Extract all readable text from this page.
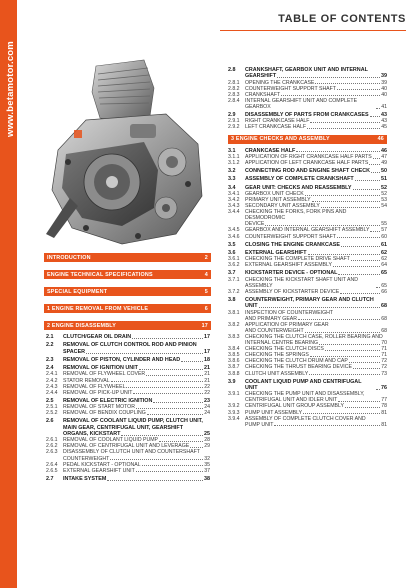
www.betamotor.com
TABLE OF CONTENTS
INTRODUCTION	2
ENGINE TECHNICAL SPECIFICATIONS	4
SPECIAL EQUIPMENT	5
1 ENGINE REMOVAL FROM VEHICLE	6
2 ENGINE DISASSEMBLY	17
2.1	CLUTCH/GEAR OIL DRAIN	17
2.2	REMOVAL OF CLUTCH CONTROL ROD AND PINION
SPACER	17
2.3	REMOVAL OF PISTON, CYLINDER AND HEAD	18
2.4	REMOVAL OF IGNITION UNIT	21
2.4.1	REMOVAL OF FLYWHEEL COVER	21
2.4.2	STATOR REMOVAL	21
2.4.3	REMOVAL OF FLYWHEEL	22
2.4.4	REMOVAL OF PICK-UP UNIT	22
2.5	REMOVAL OF ELECTRIC IGNITION	23
2.5.1	REMOVAL OF START MOTOR	24
2.5.2	REMOVAL OF BENDIX COUPLING	24
2.6	REMOVAL OF COOLANT LIQUID PUMP, CLUTCH UNIT, MAIN GEAR, CENTRIFUGAL UNIT, GEARSHIFT
ORGANS, KICKSTART	25
2.6.1	REMOVAL OF COOLANT LIQUID PUMP	28
2.6.2	REMOVAL OF CENTRIFUGAL UNIT AND LEVERAGE	29
2.6.3	DISASSEMBLY OF CLUTCH UNIT AND COUNTERSHAFT
COUNTERWEIGHT	32
2.6.4	PEDAL KICKSTART - OPTIONAL	35
2.6.5	EXTERNAL GEARSHIFT UNIT	37
2.7	INTAKE SYSTEM	38
2.8	CRANKSHAFT, GEARBOX UNIT AND INTERNAL
GEARSHIFT	39
2.8.1	OPENING THE CRANKCASE	39
2.8.2	COUNTERWEIGHT SUPPORT SHAFT	40
2.8.3	CRANKSHAFT	40
2.8.4	INTERNAL GEARSHIFT UNIT AND COMPLETE GEARBOX	41
2.9	DISASSEMBLY OF PARTS FROM CRANKCASES 43
2.9.1	RIGHT CRANKCASE HALF	43
2.9.2	LEFT CRANKCASE HALF	45
3 ENGINE CHECKS AND ASSEMBLY	46
3.1	CRANKCASE HALF	46
3.1.1	APPLICATION OF RIGHT CRANKCASE HALF PARTS 47
3.1.2	APPLICATION OF LEFT CRANKCASE HALF PARTS 49
3.2	CONNECTING ROD AND ENGINE SHAFT CHECK 50
3.3	ASSEMBLY OF COMPLETE CRANKSHAFT	51
3.4	GEAR UNIT: CHECKS AND REASSEMBLY	52
3.4.1	GEARBOX UNIT CHECK	52
3.4.2	PRIMARY UNIT ASSEMBLY	53
3.4.3	SECONDARY UNIT ASSEMBLY	54
3.4.4	CHECKING THE FORKS, FORK PINS AND DESMODROMIC
DEVICE	55
3.4.5	GEARBOX AND INTERNAL GEARSHIFT ASSEMBLY 57
3.4.6	COUNTERWEIGHT SUPPORT SHAFT	60
3.5	CLOSING THE ENGINE CRANKCASE	61
3.6	EXTERNAL GEARSHIFT	62
3.6.1	CHECKING THE COMPLETE DRIVE SHAFT	62
3.6.2	EXTERNAL GEARSHIFT ASSEMBLY	64
3.7	KICKSTARTER DEVICE - OPTIONAL	65
3.7.1	CHECKING THE KICKSTART SHAFT UNIT AND ASSEMBLY	65
3.7.2	ASSEMBLY OF KICKSTARTER DEVICE	66
3.8	COUNTERWEIGHT, PRIMARY GEAR AND CLUTCH
UNIT	68
3.8.1	INSPECTION OF COUNTERWEIGHT
AND PRIMARY GEAR	68
3.8.2	APPLICATION OF PRIMARY GEAR
AND COUNTERWEIGHT	68
3.8.3	CHECKING THE CLUTCH CASE, ROLLER BEARING AND
INTERNAL CENTRE BEARING	70
3.8.4	CHECKING THE CLUTCH DISCS	71
3.8.5	CHECKING THE SPRINGS	71
3.8.6	CHECKING THE CLUTCH DRUM AND CAP	72
3.8.7	CHECKING THE THRUST BEARING DEVICE	72
3.8.8	CLUTCH UNIT ASSEMBLY	73
3.9	COOLANT LIQUID PUMP AND CENTRIFUGAL UNIT	76
3.9.1	CHECKING THE PUMP UNIT AND DISASSEMBLY,
CENTRIFUGAL UNIT AND IDLER UNIT	77
3.9.2	CENTRIFUGAL UNIT GROUP ASSEMBLY	78
3.9.3	PUMP UNIT ASSEMBLY	81
3.9.4	ASSEMBLY OF COMPLETE CLUTCH COVER AND
PUMP UNIT	81
